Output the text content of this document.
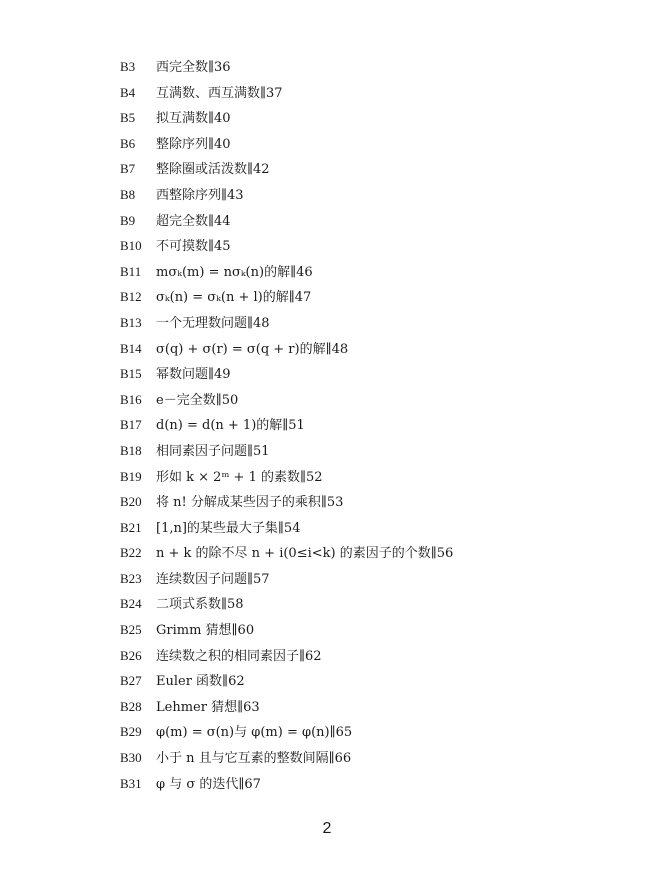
B3 西完全数∥36
B4 互满数、西互满数∥37
B5 拟互满数∥40
B6 整除序列∥40
B7 整除圈或活泼数∥42
B8 西整除序列∥43
B9 超完全数∥44
B10 不可摸数∥45
B11 mσₖ(m) = nσₖ(n)的解∥46
B12 σₖ(n) = σₖ(n + l)的解∥47
B13 一个无理数问题∥48
B14 σ(q) + σ(r) = σ(q + r)的解∥48
B15 幂数问题∥49
B16 e－完全数∥50
B17 d(n) = d(n + 1)的解∥51
B18 相同素因子问题∥51
B19 形如 k × 2ᵐ + 1 的素数∥52
B20 将 n! 分解成某些因子的乘积∥53
B21 [1,n]的某些最大子集∥54
B22 n + k 的除不尽 n + i(0≤i<k) 的素因子的个数∥56
B23 连续数因子问题∥57
B24 二项式系数∥58
B25 Grimm 猜想∥60
B26 连续数之积的相同素因子∥62
B27 Euler 函数∥62
B28 Lehmer 猜想∥63
B29 φ(m) = σ(n)与 φ(m) = φ(n)∥65
B30 小于 n 且与它互素的整数间隔∥66
B31 φ 与 σ 的迭代∥67
2
